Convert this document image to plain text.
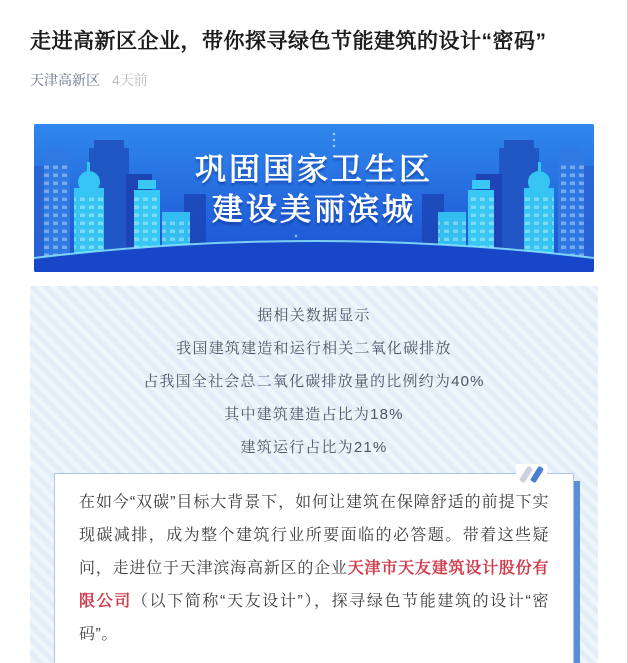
走进高新区企业，带你探寻绿色节能建筑的设计“密码”
天津高新区 4天前
巩固国家卫生区
建设美丽滨城

据相关数据显示

我国建筑建造和运行相关二氧化碳排放

占我国全社会总二氧化碳排放量的比例约为40%

其中建筑建造占比为18%

建筑运行占比为21%

在如今“双碳”目标大背景下，如何让建筑在保障舒适的前提下实现碳减排，成为整个建筑行业所要面临的必答题。带着这些疑问，走进位于天津滨海高新区的企业天津市天友建筑设计股份有限公司（以下简称“天友设计”），探寻绿色节能建筑的设计“密码”。
